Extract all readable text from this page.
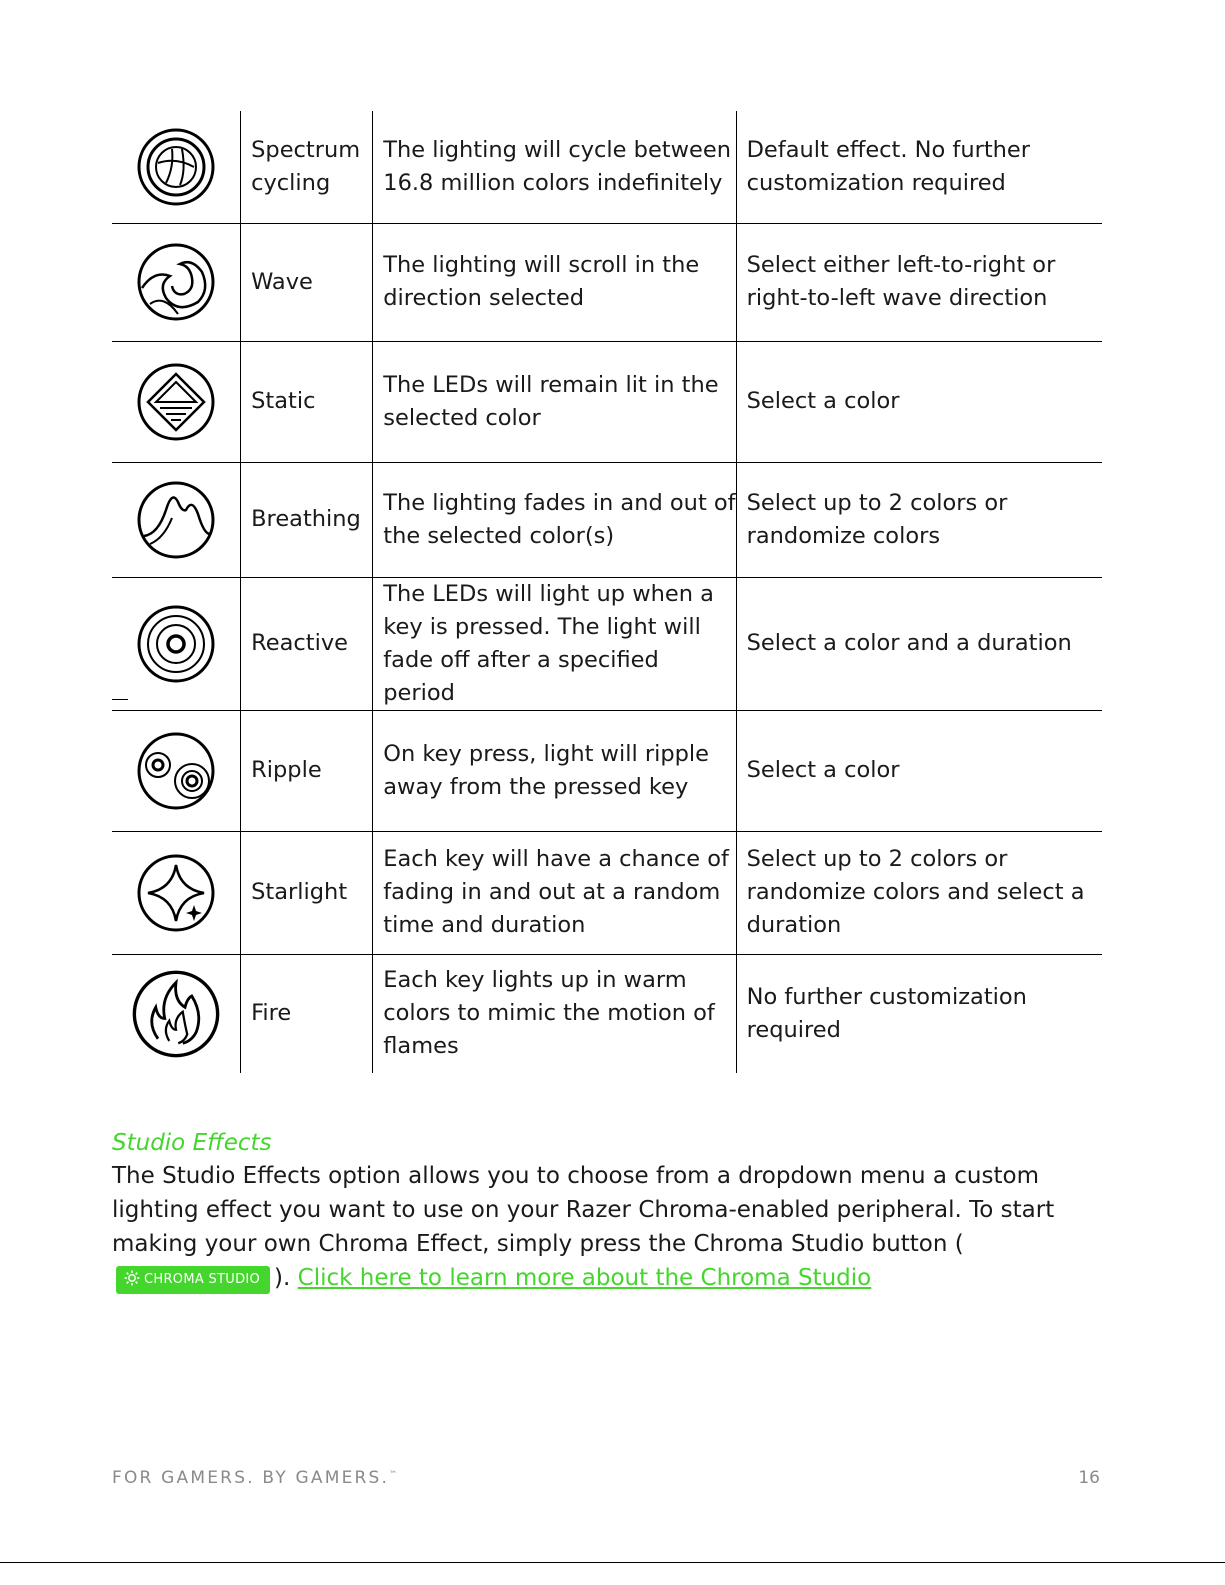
	Spectrum cycling	The lighting will cycle between 16.8 million colors indefinitely	Default effect. No further customization required

	Wave	The lighting will scroll in the direction selected	Select either left-to-right or right-to-left wave direction

	Static	The LEDs will remain lit in the selected color	Select a color

	Breathing	The lighting fades in and out of the selected color(s)	Select up to 2 colors or randomize colors

	Reactive	The LEDs will light up when a key is pressed. The light will fade off after a specified period	Select a color and a duration

	Ripple	On key press, light will ripple away from the pressed key	Select a color

	Starlight	Each key will have a chance of fading in and out at a random time and duration	Select up to 2 colors or randomize colors and select a duration

	Fire	Each key lights up in warm colors to mimic the motion of flames	No further customization required

Studio Effects

The Studio Effects option allows you to choose from a dropdown menu a custom lighting effect you want to use on your Razer Chroma-enabled peripheral. To start making your own Chroma Effect, simply press the Chroma Studio button (CHROMA STUDIO ). Click here to learn more about the Chroma Studio

FOR GAMERS. BY GAMERS.™	16
